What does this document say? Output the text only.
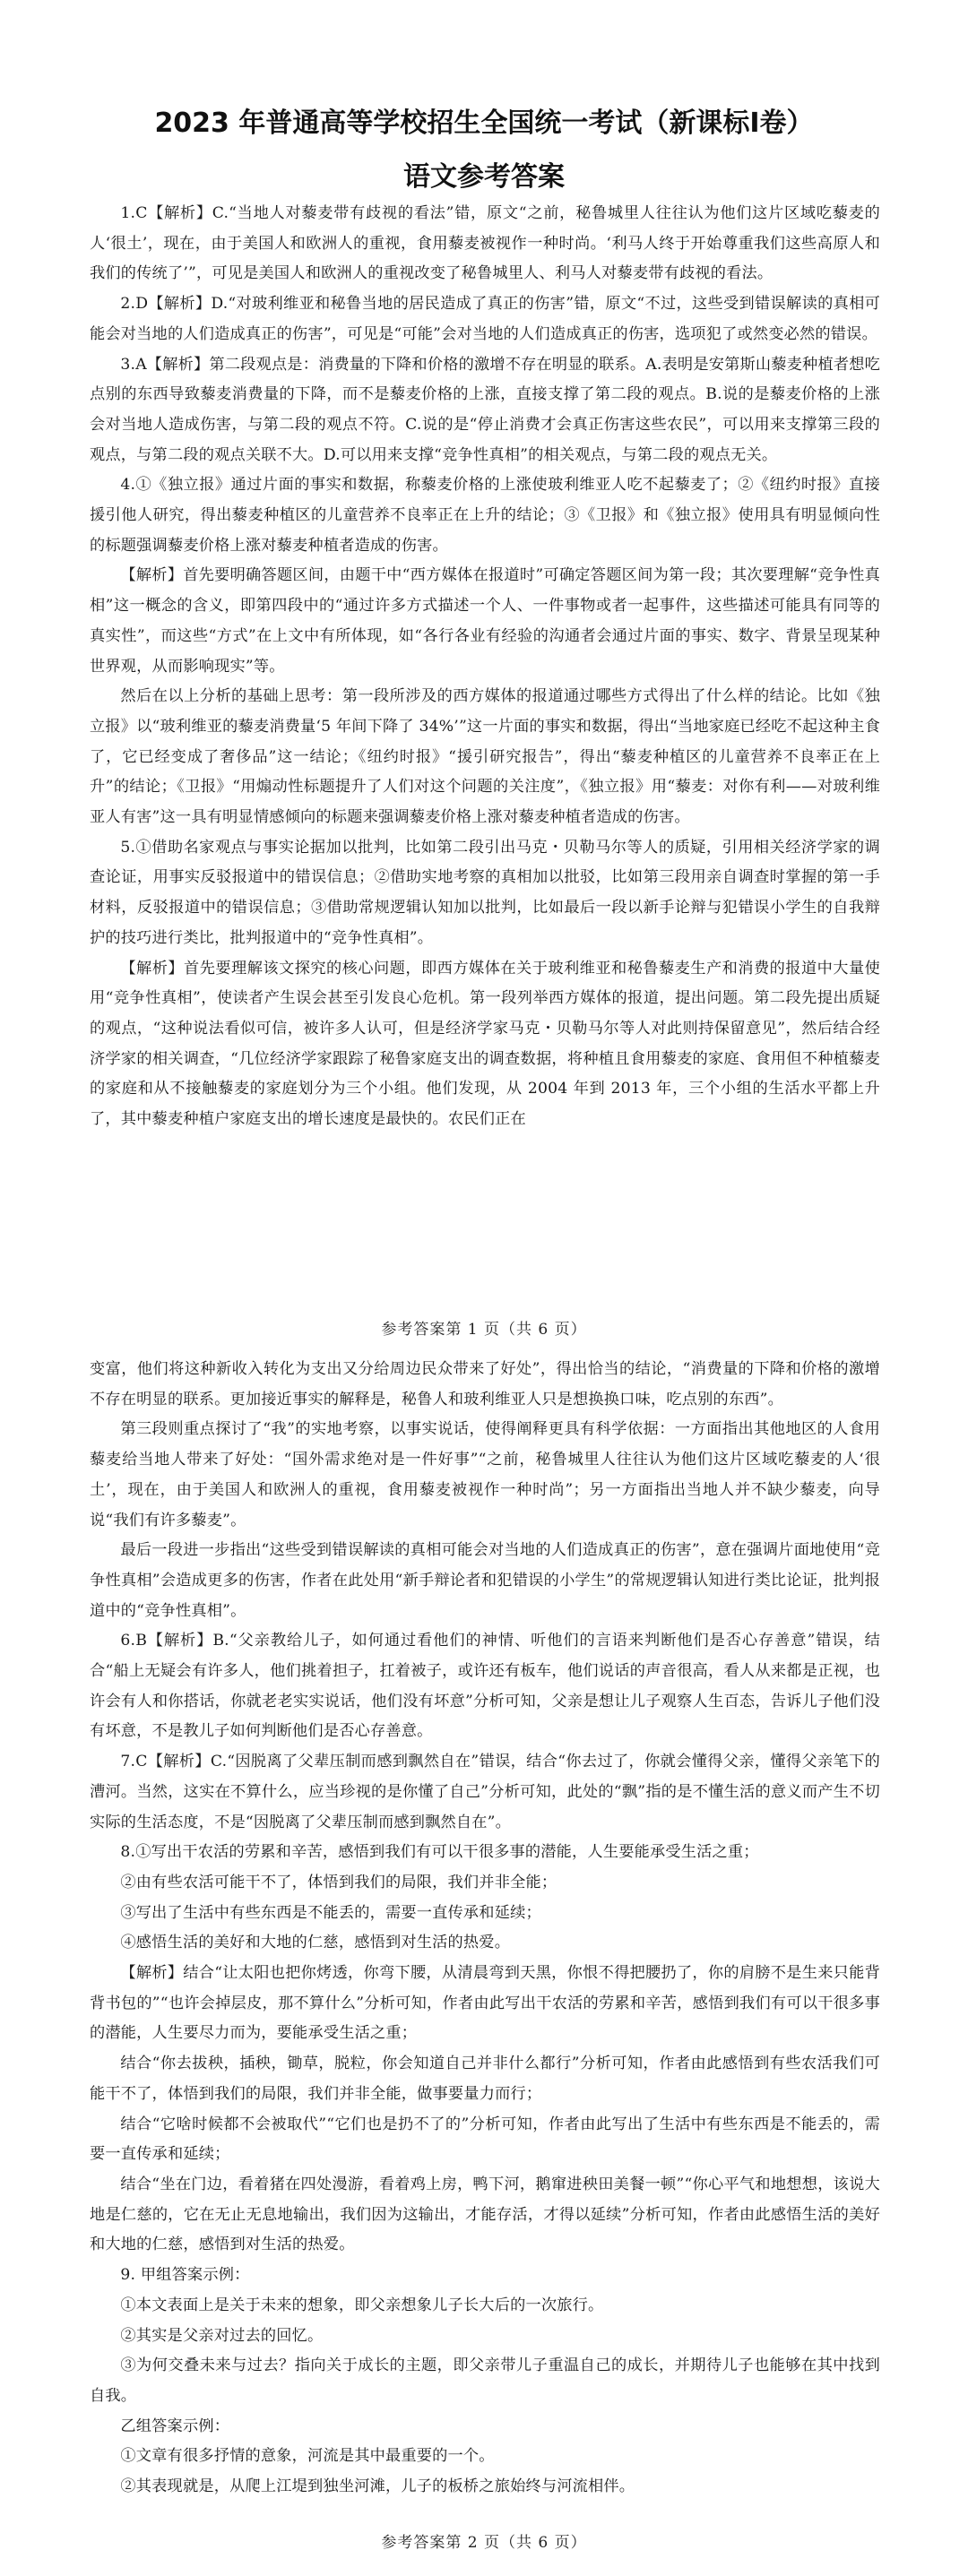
2023 年普通高等学校招生全国统一考试（新课标Ⅰ卷）
语文参考答案

1.C【解析】C.“当地人对藜麦带有歧视的看法”错，原文“之前，秘鲁城里人往往认为他们这片区域吃藜麦的人‘很土’，现在，由于美国人和欧洲人的重视，食用藜麦被视作一种时尚。‘利马人终于开始尊重我们这些高原人和我们的传统了’”，可见是美国人和欧洲人的重视改变了秘鲁城里人、利马人对藜麦带有歧视的看法。

2.D【解析】D.“对玻利维亚和秘鲁当地的居民造成了真正的伤害”错，原文“不过，这些受到错误解读的真相可能会对当地的人们造成真正的伤害”，可见是“可能”会对当地的人们造成真正的伤害，选项犯了或然变必然的错误。

3.A【解析】第二段观点是：消费量的下降和价格的激增不存在明显的联系。A.表明是安第斯山藜麦种植者想吃点别的东西导致藜麦消费量的下降，而不是藜麦价格的上涨，直接支撑了第二段的观点。B.说的是藜麦价格的上涨会对当地人造成伤害，与第二段的观点不符。C.说的是“停止消费才会真正伤害这些农民”，可以用来支撑第三段的观点，与第二段的观点关联不大。D.可以用来支撑“竞争性真相”的相关观点，与第二段的观点无关。

4.①《独立报》通过片面的事实和数据，称藜麦价格的上涨使玻利维亚人吃不起藜麦了；②《纽约时报》直接援引他人研究，得出藜麦种植区的儿童营养不良率正在上升的结论；③《卫报》和《独立报》使用具有明显倾向性的标题强调藜麦价格上涨对藜麦种植者造成的伤害。

【解析】首先要明确答题区间，由题干中“西方媒体在报道时”可确定答题区间为第一段；其次要理解“竞争性真相”这一概念的含义，即第四段中的“通过许多方式描述一个人、一件事物或者一起事件，这些描述可能具有同等的真实性”，而这些“方式”在上文中有所体现，如“各行各业有经验的沟通者会通过片面的事实、数字、背景呈现某种世界观，从而影响现实”等。

然后在以上分析的基础上思考：第一段所涉及的西方媒体的报道通过哪些方式得出了什么样的结论。比如《独立报》以“玻利维亚的藜麦消费量‘5 年间下降了 34%’”这一片面的事实和数据，得出“当地家庭已经吃不起这种主食了，它已经变成了奢侈品”这一结论；《纽约时报》“援引研究报告”，得出“藜麦种植区的儿童营养不良率正在上升”的结论；《卫报》“用煽动性标题提升了人们对这个问题的关注度”，《独立报》用“藜麦：对你有利——对玻利维亚人有害”这一具有明显情感倾向的标题来强调藜麦价格上涨对藜麦种植者造成的伤害。

5.①借助名家观点与事实论据加以批判，比如第二段引出马克・贝勒马尔等人的质疑，引用相关经济学家的调查论证，用事实反驳报道中的错误信息；②借助实地考察的真相加以批驳，比如第三段用亲自调查时掌握的第一手材料，反驳报道中的错误信息；③借助常规逻辑认知加以批判，比如最后一段以新手论辩与犯错误小学生的自我辩护的技巧进行类比，批判报道中的“竞争性真相”。

【解析】首先要理解该文探究的核心问题，即西方媒体在关于玻利维亚和秘鲁藜麦生产和消费的报道中大量使用“竞争性真相”，使读者产生误会甚至引发良心危机。第一段列举西方媒体的报道，提出问题。第二段先提出质疑的观点，“这种说法看似可信，被许多人认可，但是经济学家马克・贝勒马尔等人对此则持保留意见”，然后结合经济学家的相关调查，“几位经济学家跟踪了秘鲁家庭支出的调查数据，将种植且食用藜麦的家庭、食用但不种植藜麦的家庭和从不接触藜麦的家庭划分为三个小组。他们发现，从 2004 年到 2013 年，三个小组的生活水平都上升了，其中藜麦种植户家庭支出的增长速度是最快的。农民们正在

参考答案第 1 页（共 6 页）

变富，他们将这种新收入转化为支出又分给周边民众带来了好处”，得出恰当的结论，“消费量的下降和价格的激增不存在明显的联系。更加接近事实的解释是，秘鲁人和玻利维亚人只是想换换口味，吃点别的东西”。

第三段则重点探讨了“我”的实地考察，以事实说话，使得阐释更具有科学依据：一方面指出其他地区的人食用藜麦给当地人带来了好处：“国外需求绝对是一件好事”“之前，秘鲁城里人往往认为他们这片区域吃藜麦的人‘很土’，现在，由于美国人和欧洲人的重视，食用藜麦被视作一种时尚”；另一方面指出当地人并不缺少藜麦，向导说“我们有许多藜麦”。

最后一段进一步指出“这些受到错误解读的真相可能会对当地的人们造成真正的伤害”，意在强调片面地使用“竞争性真相”会造成更多的伤害，作者在此处用“新手辩论者和犯错误的小学生”的常规逻辑认知进行类比论证，批判报道中的“竞争性真相”。

6.B【解析】B.“父亲教给儿子，如何通过看他们的神情、听他们的言语来判断他们是否心存善意”错误，结合“船上无疑会有许多人，他们挑着担子，扛着被子，或许还有板车，他们说话的声音很高，看人从来都是正视，也许会有人和你搭话，你就老老实实说话，他们没有坏意”分析可知，父亲是想让儿子观察人生百态，告诉儿子他们没有坏意，不是教儿子如何判断他们是否心存善意。

7.C【解析】C.“因脱离了父辈压制而感到飘然自在”错误，结合“你去过了，你就会懂得父亲，懂得父亲笔下的漕河。当然，这实在不算什么，应当珍视的是你懂了自己”分析可知，此处的“飘”指的是不懂生活的意义而产生不切实际的生活态度，不是“因脱离了父辈压制而感到飘然自在”。

8.①写出干农活的劳累和辛苦，感悟到我们有可以干很多事的潜能，人生要能承受生活之重；

②由有些农活可能干不了，体悟到我们的局限，我们并非全能；

③写出了生活中有些东西是不能丢的，需要一直传承和延续；

④感悟生活的美好和大地的仁慈，感悟到对生活的热爱。

【解析】结合“让太阳也把你烤透，你弯下腰，从清晨弯到天黑，你恨不得把腰扔了，你的肩膀不是生来只能背背书包的”“也许会掉层皮，那不算什么”分析可知，作者由此写出干农活的劳累和辛苦，感悟到我们有可以干很多事的潜能，人生要尽力而为，要能承受生活之重；

结合“你去拔秧，插秧，锄草，脱粒，你会知道自己并非什么都行”分析可知，作者由此感悟到有些农活我们可能干不了，体悟到我们的局限，我们并非全能，做事要量力而行；

结合“它啥时候都不会被取代”“它们也是扔不了的”分析可知，作者由此写出了生活中有些东西是不能丢的，需要一直传承和延续；

结合“坐在门边，看着猪在四处漫游，看着鸡上房，鸭下河，鹅窜进秧田美餐一顿”“你心平气和地想想，该说大地是仁慈的，它在无止无息地输出，我们因为这输出，才能存活，才得以延续”分析可知，作者由此感悟生活的美好和大地的仁慈，感悟到对生活的热爱。

9. 甲组答案示例：

①本文表面上是关于未来的想象，即父亲想象儿子长大后的一次旅行。

②其实是父亲对过去的回忆。

③为何交叠未来与过去？指向关于成长的主题，即父亲带儿子重温自己的成长，并期待儿子也能够在其中找到自我。

乙组答案示例：

①文章有很多抒情的意象，河流是其中最重要的一个。

②其表现就是，从爬上江堤到独坐河滩，儿子的板桥之旅始终与河流相伴。

参考答案第 2 页（共 6 页）
